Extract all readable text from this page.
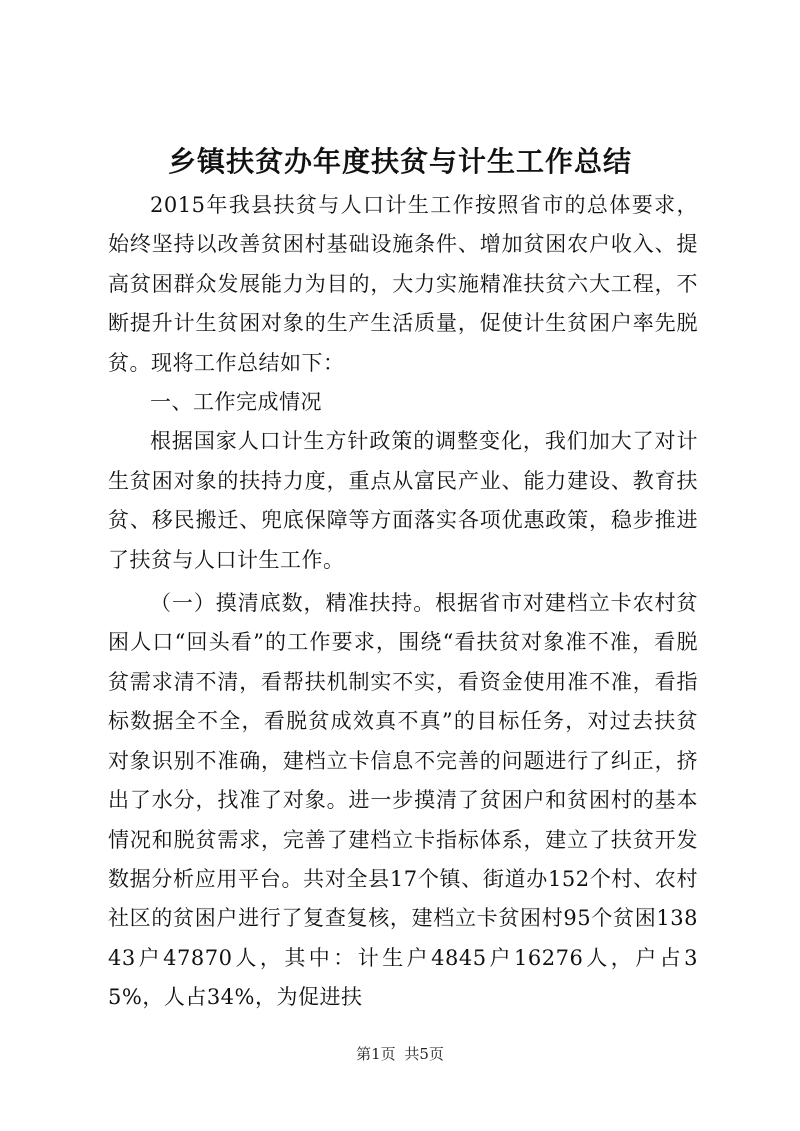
乡镇扶贫办年度扶贫与计生工作总结

2015年我县扶贫与人口计生工作按照省市的总体要求，始终坚持以改善贫困村基础设施条件、增加贫困农户收入、提高贫困群众发展能力为目的，大力实施精准扶贫六大工程，不断提升计生贫困对象的生产生活质量，促使计生贫困户率先脱贫。现将工作总结如下：

一、工作完成情况

根据国家人口计生方针政策的调整变化，我们加大了对计生贫困对象的扶持力度，重点从富民产业、能力建设、教育扶贫、移民搬迁、兜底保障等方面落实各项优惠政策，稳步推进了扶贫与人口计生工作。

（一）摸清底数，精准扶持。根据省市对建档立卡农村贫困人口“回头看”的工作要求，围绕“看扶贫对象准不准，看脱贫需求清不清，看帮扶机制实不实，看资金使用准不准，看指标数据全不全，看脱贫成效真不真”的目标任务，对过去扶贫对象识别不准确，建档立卡信息不完善的问题进行了纠正，挤出了水分，找准了对象。进一步摸清了贫困户和贫困村的基本情况和脱贫需求，完善了建档立卡指标体系，建立了扶贫开发数据分析应用平台。共对全县17个镇、街道办152个村、农村社区的贫困户进行了复查复核，建档立卡贫困村95个贫困13843户47870人，其中：计生户4845户16276人，户占35%，人占34%，为促进扶

第1页 共5页
